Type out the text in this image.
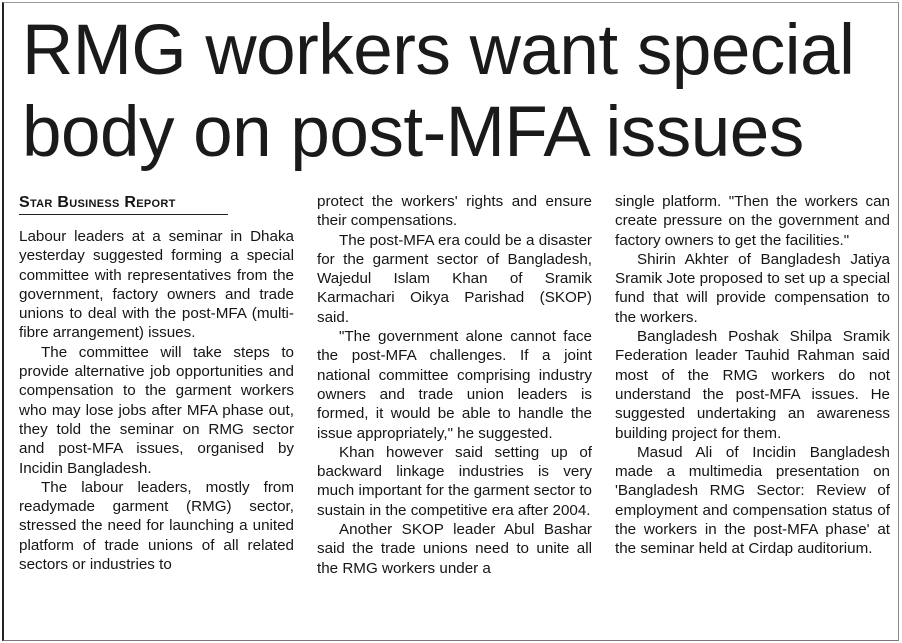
RMG workers want special
body on post-MFA issues
Star Business Report

Labour leaders at a seminar in Dhaka yesterday suggested forming a special committee with representatives from the government, factory owners and trade unions to deal with the post-MFA (multi-fibre arrangement) issues.

The committee will take steps to provide alternative job opportunities and compensation to the garment workers who may lose jobs after MFA phase out, they told the seminar on RMG sector and post-MFA issues, organised by Incidin Bangladesh.

The labour leaders, mostly from readymade garment (RMG) sector, stressed the need for launching a united platform of trade unions of all related sectors or industries to

protect the workers' rights and ensure their compensations.

The post-MFA era could be a disaster for the garment sector of Bangladesh, Wajedul Islam Khan of Sramik Karmachari Oikya Parishad (SKOP) said.

"The government alone cannot face the post-MFA challenges. If a joint national committee comprising industry owners and trade union leaders is formed, it would be able to handle the issue appropriately," he suggested.

Khan however said setting up of backward linkage industries is very much important for the garment sector to sustain in the competitive era after 2004.

Another SKOP leader Abul Bashar said the trade unions need to unite all the RMG workers under a

single platform. "Then the workers can create pressure on the government and factory owners to get the facilities."

Shirin Akhter of Bangladesh Jatiya Sramik Jote proposed to set up a special fund that will provide compensation to the workers.

Bangladesh Poshak Shilpa Sramik Federation leader Tauhid Rahman said most of the RMG workers do not understand the post-MFA issues. He suggested undertaking an awareness building project for them.

Masud Ali of Incidin Bangladesh made a multimedia presentation on 'Bangladesh RMG Sector: Review of employment and compensation status of the workers in the post-MFA phase' at the seminar held at Cirdap auditorium.
